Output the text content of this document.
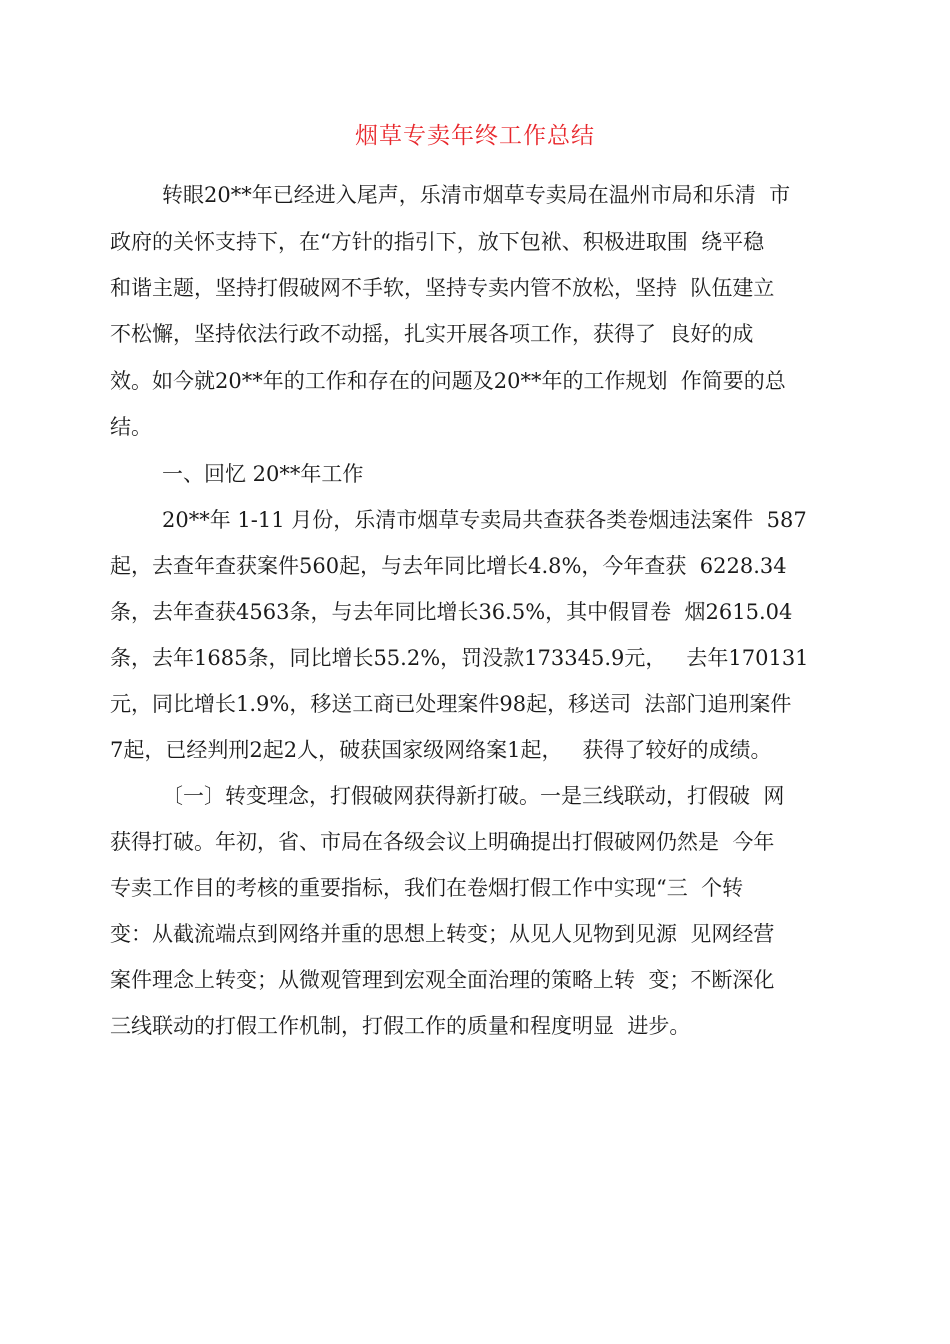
烟草专卖年终工作总结
转眼20**年已经进入尾声，乐清市烟草专卖局在温州市局和乐清  市
政府的关怀支持下，在“方针的指引下，放下包袱、积极进取围  绕平稳
和谐主题，坚持打假破网不手软，坚持专卖内管不放松，坚持  队伍建立
不松懈，坚持依法行政不动摇，扎实开展各项工作，获得了  良好的成
效。如今就20**年的工作和存在的问题及20**年的工作规划  作简要的总
结。
一、回忆 20**年工作
20**年 1-11 月份，乐清市烟草专卖局共查获各类卷烟违法案件  587
起，去查年查获案件560起，与去年同比增长4.8%，今年查获  6228.34
条，去年查获4563条，与去年同比增长36.5%，其中假冒卷  烟2615.04
条，去年1685条，同比增长55.2%，罚没款173345.9元，   去年170131
元，同比增长1.9%，移送工商已处理案件98起，移送司  法部门追刑案件
7起，已经判刑2起2人，破获国家级网络案1起，   获得了较好的成绩。
〔一〕转变理念，打假破网获得新打破。一是三线联动，打假破  网
获得打破。年初，省、市局在各级会议上明确提出打假破网仍然是  今年
专卖工作目的考核的重要指标，我们在卷烟打假工作中实现“三  个转
变：从截流端点到网络并重的思想上转变；从见人见物到见源  见网经营
案件理念上转变；从微观管理到宏观全面治理的策略上转  变；不断深化
三线联动的打假工作机制，打假工作的质量和程度明显  进步。
